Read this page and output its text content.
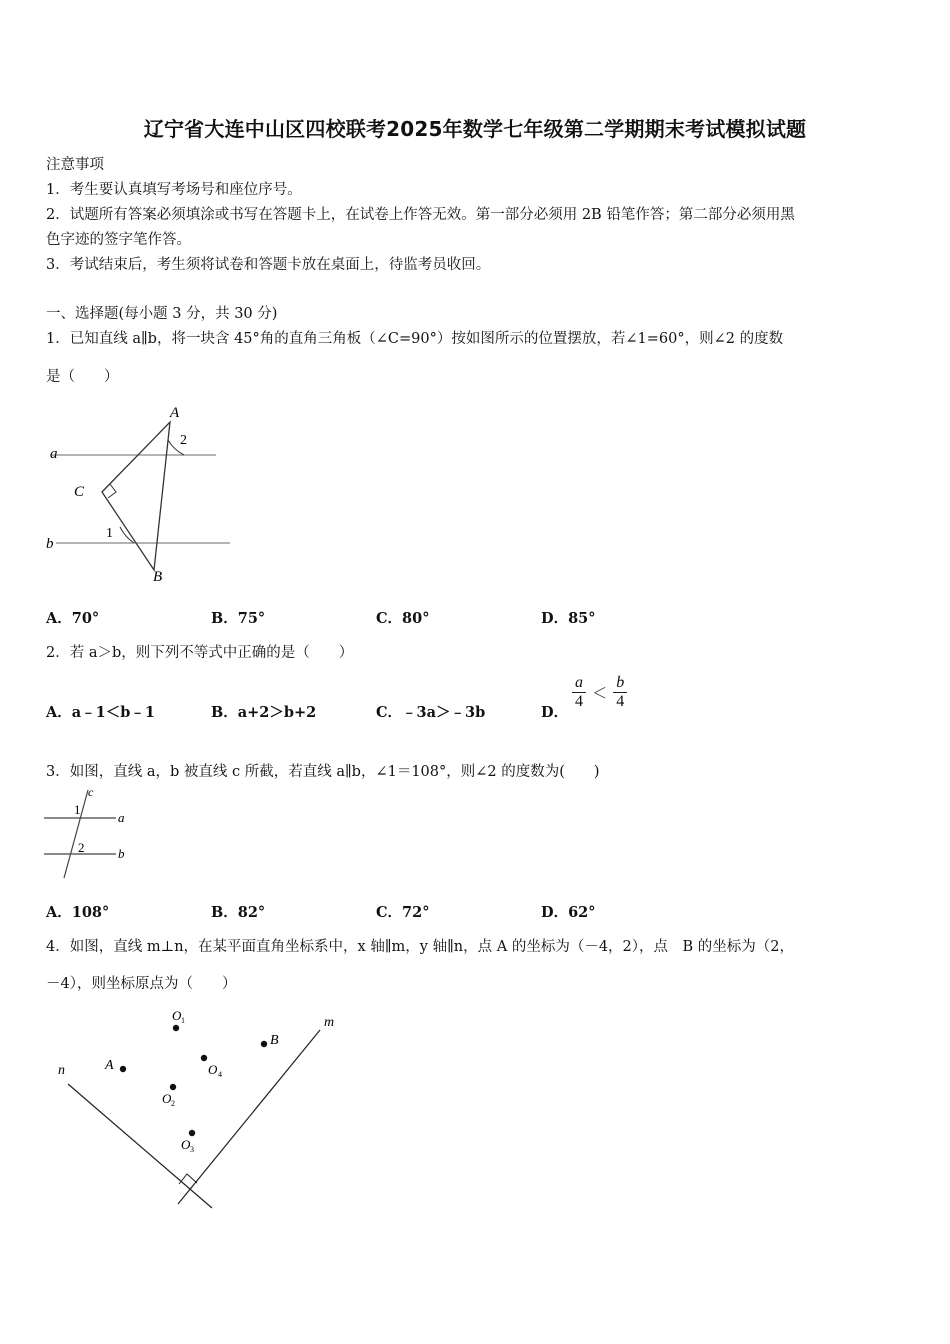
辽宁省大连中山区四校联考2025年数学七年级第二学期期末考试模拟试题
注意事项
1．考生要认真填写考场号和座位序号。
2．试题所有答案必须填涂或书写在答题卡上，在试卷上作答无效。第一部分必须用 2B 铅笔作答；第二部分必须用黑
色字迹的签字笔作答。
3．考试结束后，考生须将试卷和答题卡放在桌面上，待监考员收回。
一、选择题(每小题 3 分，共 30 分)
1．已知直线 a∥b，将一块含 45°角的直角三角板（∠C=90°）按如图所示的位置摆放，若∠1=60°，则∠2 的度数
是（　　）
A
2
a
C
1
b
B
A．70°	B．75°	C．80°	D．85°
2．若 a＞b，则下列不等式中正确的是（　　）
A．a﹣1＜b﹣1	B．a+2＞b+2	C．﹣3a＞﹣3b	D．
$\frac{a}{4} < \frac{b}{4}$
3．如图，直线 a，b 被直线 c 所截，若直线 a∥b，∠1＝108°，则∠2 的度数为(　　)
c
1
a
2	b
A．108°	B．82°	C．72°	D．62°
4．如图，直线 m⊥n，在某平面直角坐标系中，x 轴∥m，y 轴∥n，点 A 的坐标为（－4，2），点　B 的坐标为（2，
－4），则坐标原点为（　　）
m
n
O 1
B
A	O 4
O 2
O 3
